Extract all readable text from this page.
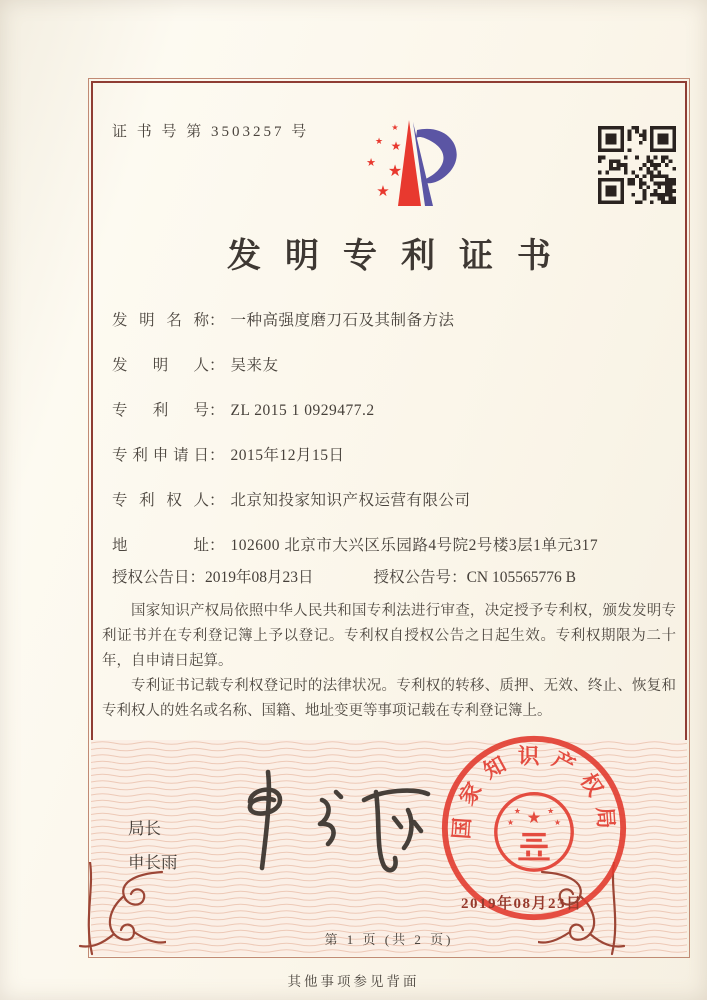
证 书 号 第 3503257 号	★
★ ★
★ ★
★
发明专利证书
发明名称 ： 一种高强度磨刀石及其制备方法
发明人 ： 吴来友
专利号 ： ZL 2015 1 0929477.2
专利申请日 ： 2015年12月15日
专利权人 ： 北京知投家知识产权运营有限公司
地址 ： 102600 北京市大兴区乐园路4号院2号楼3层1单元317
授权公告日：2019年08月23日	授权公告号：CN 105565776 B

国家知识产权局依照中华人民共和国专利法进行审查，决定授予专利权，颁发发明专利证书并在专利登记簿上予以登记。专利权自授权公告之日起生效。专利权期限为二十年，自申请日起算。

专利证书记载专利权登记时的法律状况。专利权的转移、质押、无效、终止、恢复和专利权人的姓名或名称、国籍、地址变更等事项记载在专利登记簿上。

局长
申长雨
国家知识产权局
★
★	★
★	★
2019年08月23日
第 1 页 (共 2 页)
其他事项参见背面
